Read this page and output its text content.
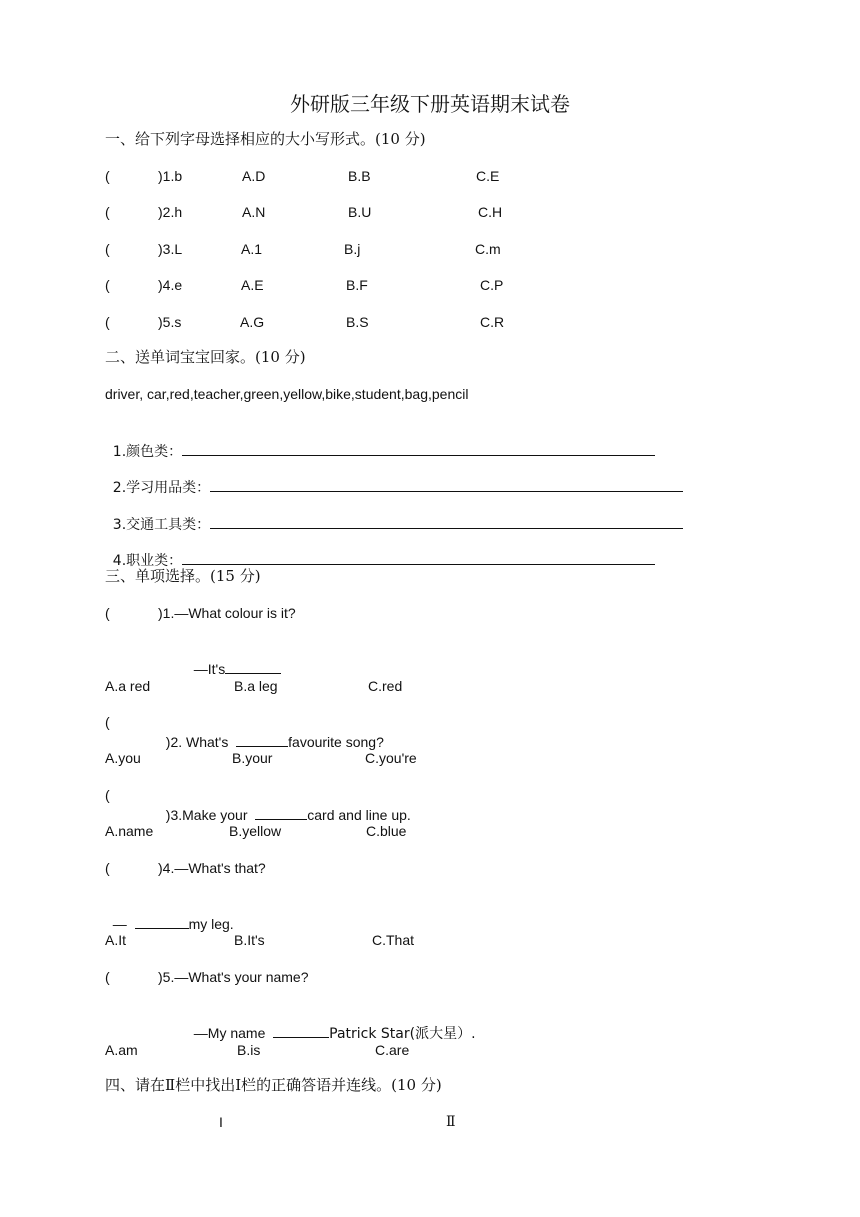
外研版三年级下册英语期末试卷
一、给下列字母选择相应的大小写形式。(10 分)
(	)1.b	A.D	B.B	C.E
(	)2.h	A.N	B.U	C.H
(	)3.L	A.1	B.j	C.m
(	)4.e	A.E	B.F	C.P
(	)5.s	A.G	B.S	C.R
二、送单词宝宝回家。(10 分)
driver, car,red,teacher,green,yellow,bike,student,bag,pencil

1.颜色类：

2.学习用品类：

3.交通工具类：

4.职业类：

三、单项选择。(15 分)
(	)1.—What colour is it?

—It's

A.a red	B.a leg	C.red
(

)2. What's	favourite song?

A.you	B.your	C.you're
(

)3.Make your	card and line up.

A.name	B.yellow	C.blue
(	)4.—What's that?

—	my leg.

A.It	B.It's	C.That
(	)5.—What's your name?

—My name	Patrick Star(派大星）.

A.am	B.is	C.are
四、请在Ⅱ栏中找出Ⅰ栏的正确答语并连线。(10 分)
I	Ⅱ
